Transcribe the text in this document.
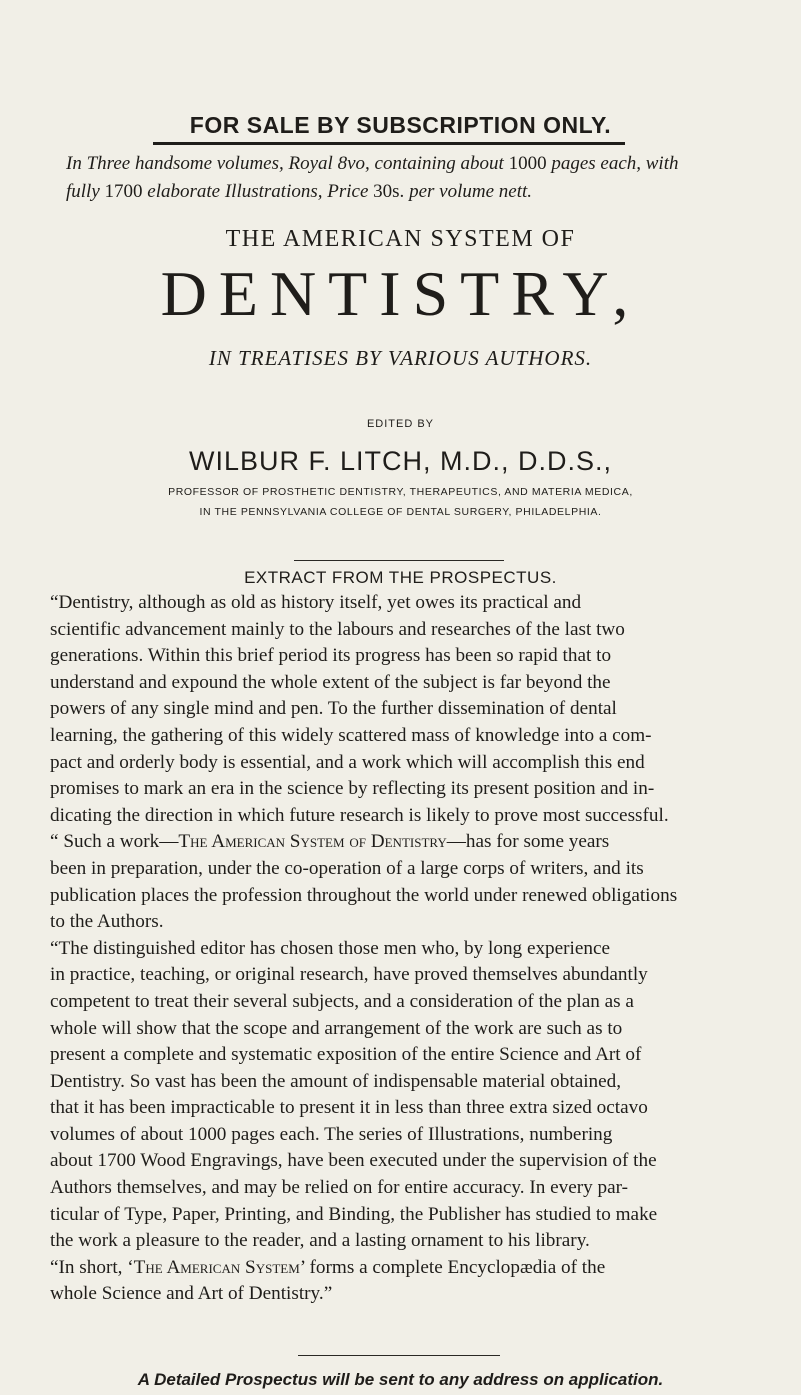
FOR SALE BY SUBSCRIPTION ONLY.
In Three handsome volumes, Royal 8vo, containing about 1000 pages each, with
fully 1700 elaborate Illustrations, Price 30s. per volume nett.
THE AMERICAN SYSTEM OF
DENTISTRY,
IN TREATISES BY VARIOUS AUTHORS.
EDITED BY
WILBUR F. LITCH, M.D., D.D.S.,
PROFESSOR OF PROSTHETIC DENTISTRY, THERAPEUTICS, AND MATERIA MEDICA,
IN THE PENNSYLVANIA COLLEGE OF DENTAL SURGERY, PHILADELPHIA.
EXTRACT FROM THE PROSPECTUS.
“Dentistry, although as old as history itself, yet owes its practical and
scientific advancement mainly to the labours and researches of the last two
generations. Within this brief period its progress has been so rapid that to
understand and expound the whole extent of the subject is far beyond the
powers of any single mind and pen. To the further dissemination of dental
learning, the gathering of this widely scattered mass of knowledge into a com-
pact and orderly body is essential, and a work which will accomplish this end
promises to mark an era in the science by reflecting its present position and in-
dicating the direction in which future research is likely to prove most successful.
“ Such a work—The American System of Dentistry—has for some years
been in preparation, under the co-operation of a large corps of writers, and its
publication places the profession throughout the world under renewed obligations
to the Authors.
“The distinguished editor has chosen those men who, by long experience
in practice, teaching, or original research, have proved themselves abundantly
competent to treat their several subjects, and a consideration of the plan as a
whole will show that the scope and arrangement of the work are such as to
present a complete and systematic exposition of the entire Science and Art of
Dentistry. So vast has been the amount of indispensable material obtained,
that it has been impracticable to present it in less than three extra sized octavo
volumes of about 1000 pages each. The series of Illustrations, numbering
about 1700 Wood Engravings, have been executed under the supervision of the
Authors themselves, and may be relied on for entire accuracy. In every par-
ticular of Type, Paper, Printing, and Binding, the Publisher has studied to make
the work a pleasure to the reader, and a lasting ornament to his library.
“In short, ‘The American System’ forms a complete Encyclopædia of the
whole Science and Art of Dentistry.”
A Detailed Prospectus will be sent to any address on application.
